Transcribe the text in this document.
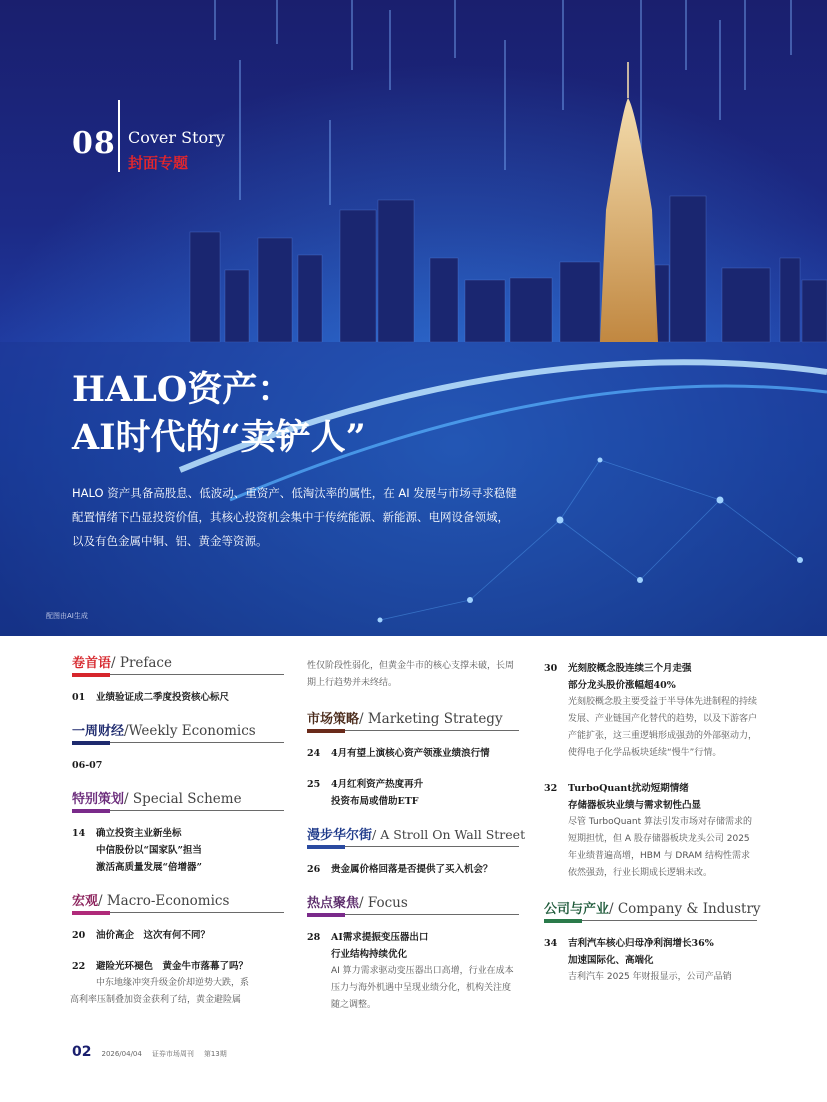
08 Cover Story
封面专题
HALO资产：
AI时代的“卖铲人”
HALO 资产具备高股息、低波动、重资产、低淘汰率的属性，在 AI 发展与市场寻求稳健配置情绪下凸显投资价值，其核心投资机会集中于传统能源、新能源、电网设备领域，以及有色金属中铜、铝、黄金等资源。
配图由AI生成
卷首语/ Preface
01	业绩验证成二季度投资核心标尺
一周财经/Weekly Economics
06-07
特别策划/ Special Scheme
14	确立投资主业新坐标
中信股份以“国家队”担当
激活高质量发展“倍增器”
宏观/ Macro-Economics
20	油价高企　这次有何不同？
22	避险光环褪色　黄金牛市落幕了吗？
中东地缘冲突升级金价却逆势大跌，系
高利率压制叠加资金获利了结，黄金避险属
性仅阶段性弱化，但黄金牛市的核心支撑未破，长周期上行趋势并未终结。
市场策略/ Marketing Strategy
24	4月有望上演核心资产领涨业绩浪行情
25	4月红利资产热度再升
投资布局或借助ETF
漫步华尔街/ A Stroll On Wall Street
26	贵金属价格回落是否提供了买入机会？
热点聚焦/ Focus
28	AI需求提振变压器出口
行业结构持续优化
AI 算力需求驱动变压器出口高增，行业在成本压力与海外机遇中呈现业绩分化，机构关注度随之调整。
30	光刻胶概念股连续三个月走强
部分龙头股价涨幅超40%
光刻胶概念股主要受益于半导体先进制程的持续发展、产业链国产化替代的趋势，以及下游客户产能扩张，这三重逻辑形成强劲的外部驱动力，使得电子化学品板块延续“慢牛”行情。
32	TurboQuant扰动短期情绪
存储器板块业绩与需求韧性凸显
尽管 TurboQuant 算法引发市场对存储需求的短期担忧，但 A 股存储器板块龙头公司 2025 年业绩普遍高增，HBM 与 DRAM 结构性需求依然强劲，行业长期成长逻辑未改。
公司与产业/ Company & Industry
34	吉利汽车核心归母净利润增长36%
加速国际化、高端化
吉利汽车 2025 年财报显示，公司产品销
02 2026/04/04 证券市场周刊 第13期
